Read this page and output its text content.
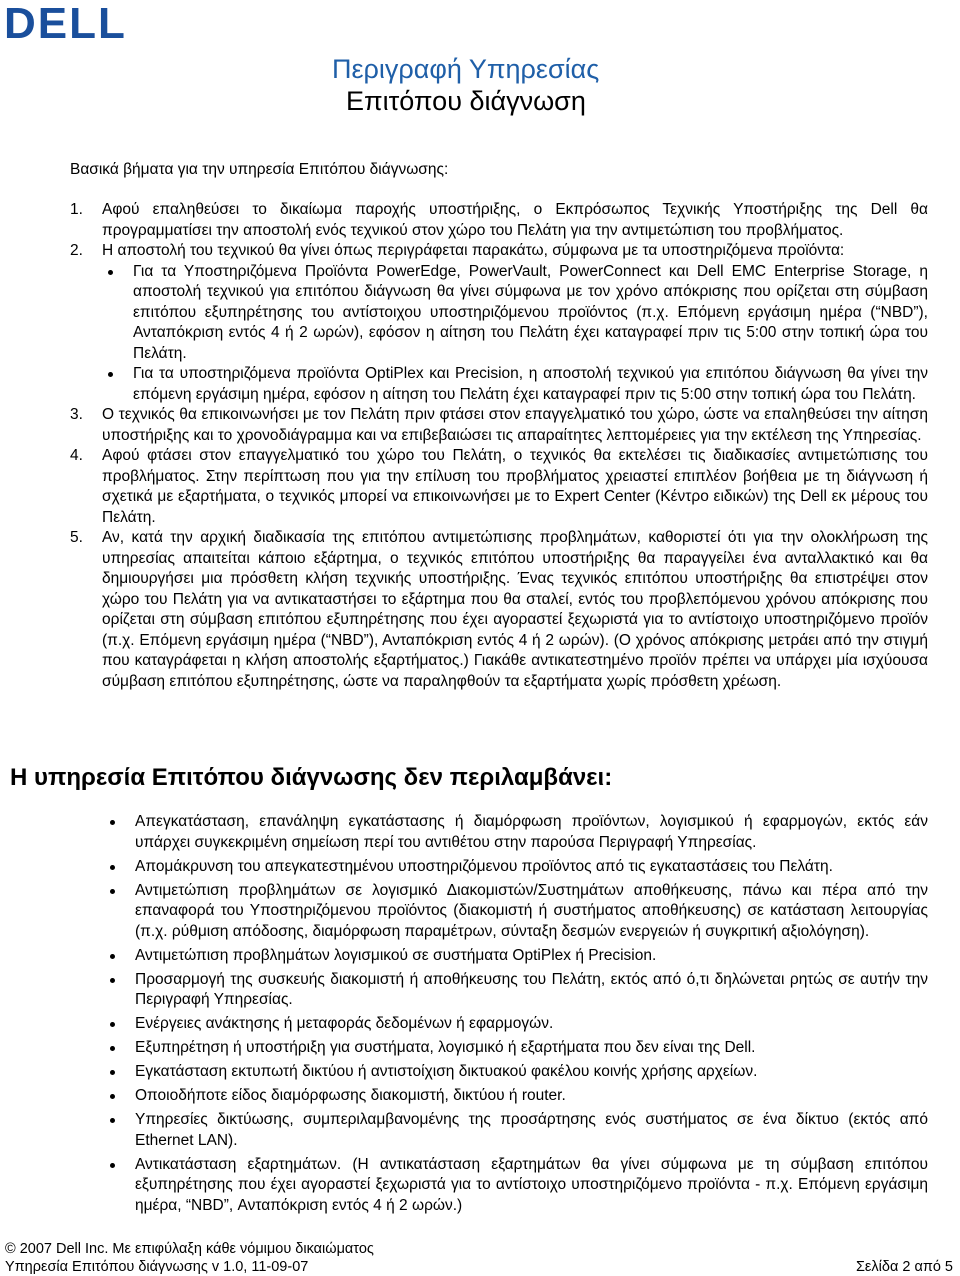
DELL
Περιγραφή Υπηρεσίας
Επιτόπου διάγνωση
Βασικά βήματα για την υπηρεσία Επιτόπου διάγνωσης:
1. Αφού επαληθεύσει το δικαίωμα παροχής υποστήριξης, ο Εκπρόσωπος Τεχνικής Υποστήριξης της Dell θα προγραμματίσει την αποστολή ενός τεχνικού στον χώρο του Πελάτη για την αντιμετώπιση του προβλήματος.
2. Η αποστολή του τεχνικού θα γίνει όπως περιγράφεται παρακάτω, σύμφωνα με τα υποστηριζόμενα προϊόντα:
Για τα Υποστηριζόμενα Προϊόντα PowerEdge, PowerVault, PowerConnect και Dell EMC Enterprise Storage, η αποστολή τεχνικού για επιτόπου διάγνωση θα γίνει σύμφωνα με τον χρόνο απόκρισης που ορίζεται στη σύμβαση επιτόπου εξυπηρέτησης του αντίστοιχου υποστηριζόμενου προϊόντος (π.χ. Επόμενη εργάσιμη ημέρα (“NBD”), Ανταπόκριση εντός 4 ή 2 ωρών), εφόσον η αίτηση του Πελάτη έχει καταγραφεί πριν τις 5:00 στην τοπική ώρα του Πελάτη.
Για τα υποστηριζόμενα προϊόντα OptiPlex και Precision, η αποστολή τεχνικού για επιτόπου διάγνωση θα γίνει την επόμενη εργάσιμη ημέρα, εφόσον η αίτηση του Πελάτη έχει καταγραφεί πριν τις 5:00 στην τοπική ώρα του Πελάτη.
3. Ο τεχνικός θα επικοινωνήσει με τον Πελάτη πριν φτάσει στον επαγγελματικό του χώρο, ώστε να επαληθεύσει την αίτηση υποστήριξης και το χρονοδιάγραμμα και να επιβεβαιώσει τις απαραίτητες λεπτομέρειες για την εκτέλεση της Υπηρεσίας.
4. Αφού φτάσει στον επαγγελματικό του χώρο του Πελάτη, ο τεχνικός θα εκτελέσει τις διαδικασίες αντιμετώπισης του προβλήματος. Στην περίπτωση που για την επίλυση του προβλήματος χρειαστεί επιπλέον βοήθεια με τη διάγνωση ή σχετικά με εξαρτήματα, ο τεχνικός μπορεί να επικοινωνήσει με το Expert Center (Κέντρο ειδικών) της Dell εκ μέρους του Πελάτη.
5. Αν, κατά την αρχική διαδικασία της επιτόπου αντιμετώπισης προβλημάτων, καθοριστεί ότι για την ολοκλήρωση της υπηρεσίας απαιτείται κάποιο εξάρτημα, ο τεχνικός επιτόπου υποστήριξης θα παραγγείλει ένα ανταλλακτικό και θα δημιουργήσει μια πρόσθετη κλήση τεχνικής υποστήριξης. Ένας τεχνικός επιτόπου υποστήριξης θα επιστρέψει στον χώρο του Πελάτη για να αντικαταστήσει το εξάρτημα που θα σταλεί, εντός του προβλεπόμενου χρόνου απόκρισης που ορίζεται στη σύμβαση επιτόπου εξυπηρέτησης που έχει αγοραστεί ξεχωριστά για το αντίστοιχο υποστηριζόμενο προϊόν (π.χ. Επόμενη εργάσιμη ημέρα (“NBD”), Ανταπόκριση εντός 4 ή 2 ωρών). (Ο χρόνος απόκρισης μετράει από την στιγμή που καταγράφεται η κλήση αποστολής εξαρτήματος.) Γιακάθε αντικατεστημένο προϊόν πρέπει να υπάρχει μία ισχύουσα σύμβαση επιτόπου εξυπηρέτησης, ώστε να παραληφθούν τα εξαρτήματα χωρίς πρόσθετη χρέωση.
Η υπηρεσία Επιτόπου διάγνωσης δεν περιλαμβάνει:
Απεγκατάσταση, επανάληψη εγκατάστασης ή διαμόρφωση προϊόντων, λογισμικού ή εφαρμογών, εκτός εάν υπάρχει συγκεκριμένη σημείωση περί του αντιθέτου στην παρούσα Περιγραφή Υπηρεσίας.
Απομάκρυνση του απεγκατεστημένου υποστηριζόμενου προϊόντος από τις εγκαταστάσεις του Πελάτη.
Αντιμετώπιση προβλημάτων σε λογισμικό Διακομιστών/Συστημάτων αποθήκευσης, πάνω και πέρα από την επαναφορά του Υποστηριζόμενου προϊόντος (διακομιστή ή συστήματος αποθήκευσης) σε κατάσταση λειτουργίας (π.χ. ρύθμιση απόδοσης, διαμόρφωση παραμέτρων, σύνταξη δεσμών ενεργειών ή συγκριτική αξιολόγηση).
Αντιμετώπιση προβλημάτων λογισμικού σε συστήματα OptiPlex ή Precision.
Προσαρμογή της συσκευής διακομιστή ή αποθήκευσης του Πελάτη, εκτός από ό,τι δηλώνεται ρητώς σε αυτήν την Περιγραφή Υπηρεσίας.
Ενέργειες ανάκτησης ή μεταφοράς δεδομένων ή εφαρμογών.
Εξυπηρέτηση ή υποστήριξη για συστήματα, λογισμικό ή εξαρτήματα που δεν είναι της Dell.
Εγκατάσταση εκτυπωτή δικτύου ή αντιστοίχιση δικτυακού φακέλου κοινής χρήσης αρχείων.
Οποιοδήποτε είδος διαμόρφωσης διακομιστή, δικτύου ή router.
Υπηρεσίες δικτύωσης, συμπεριλαμβανομένης της προσάρτησης ενός συστήματος σε ένα δίκτυο (εκτός από Ethernet LAN).
Αντικατάσταση εξαρτημάτων. (Η αντικατάσταση εξαρτημάτων θα γίνει σύμφωνα με τη σύμβαση επιτόπου εξυπηρέτησης που έχει αγοραστεί ξεχωριστά για το αντίστοιχο υποστηριζόμενο προϊόντα - π.χ. Επόμενη εργάσιμη ημέρα, “NBD”, Ανταπόκριση εντός 4 ή 2 ωρών.)
© 2007 Dell Inc. Με επιφύλαξη κάθε νόμιμου δικαιώματος
Υπηρεσία Επιτόπου διάγνωσης v 1.0, 11-09-07	Σελίδα 2 από 5
